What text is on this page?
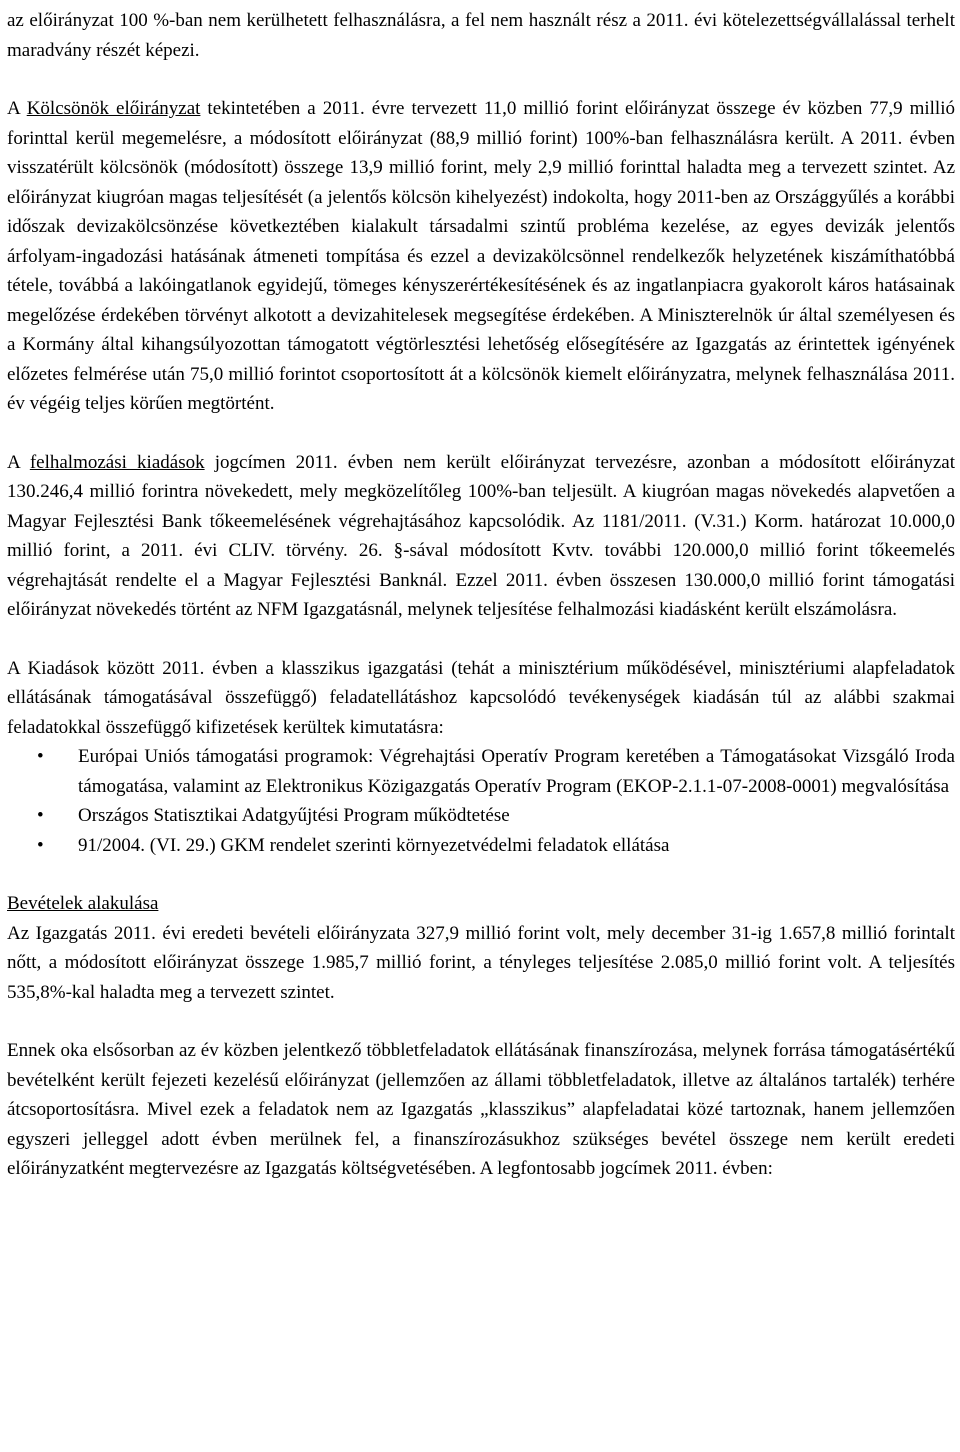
az előirányzat 100 %-ban nem kerülhetett felhasználásra, a fel nem használt rész a 2011. évi kötelezettségvállalással terhelt maradvány részét képezi.

A Kölcsönök előirányzat tekintetében a 2011. évre tervezett 11,0 millió forint előirányzat összege év közben 77,9 millió forinttal kerül megemelésre, a módosított előirányzat (88,9 millió forint) 100%-ban felhasználásra került. A 2011. évben visszatérült kölcsönök (módosított) összege 13,9 millió forint, mely 2,9 millió forinttal haladta meg a tervezett szintet. Az előirányzat kiugróan magas teljesítését (a jelentős kölcsön kihelyezést) indokolta, hogy 2011-ben az Országgyűlés a korábbi időszak devizakölcsönzése következtében kialakult társadalmi szintű probléma kezelése, az egyes devizák jelentős árfolyam-ingadozási hatásának átmeneti tompítása és ezzel a devizakölcsönnel rendelkezők helyzetének kiszámíthatóbbá tétele, továbbá a lakóingatlanok egyidejű, tömeges kényszerértékesítésének és az ingatlanpiacra gyakorolt káros hatásainak megelőzése érdekében törvényt alkotott a devizahitelesek megsegítése érdekében. A Miniszterelnök úr által személyesen és a Kormány által kihangsúlyozottan támogatott végtörlesztési lehetőség elősegítésére az Igazgatás az érintettek igényének előzetes felmérése után 75,0 millió forintot csoportosított át a kölcsönök kiemelt előirányzatra, melynek felhasználása 2011. év végéig teljes körűen megtörtént.

A felhalmozási kiadások jogcímen 2011. évben nem került előirányzat tervezésre, azonban a módosított előirányzat 130.246,4 millió forintra növekedett, mely megközelítőleg 100%-ban teljesült. A kiugróan magas növekedés alapvetően a Magyar Fejlesztési Bank tőkeemelésének végrehajtásához kapcsolódik. Az 1181/2011. (V.31.) Korm. határozat 10.000,0 millió forint, a 2011. évi CLIV. törvény. 26. §-sával módosított Kvtv. további 120.000,0 millió forint tőkeemelés végrehajtását rendelte el a Magyar Fejlesztési Banknál. Ezzel 2011. évben összesen 130.000,0 millió forint támogatási előirányzat növekedés történt az NFM Igazgatásnál, melynek teljesítése felhalmozási kiadásként került elszámolásra.

A Kiadások között 2011. évben a klasszikus igazgatási (tehát a minisztérium működésével, minisztériumi alapfeladatok ellátásának támogatásával összefüggő) feladatellátáshoz kapcsolódó tevékenységek kiadásán túl az alábbi szakmai feladatokkal összefüggő kifizetések kerültek kimutatásra:

• Európai Uniós támogatási programok: Végrehajtási Operatív Program keretében a Támogatásokat Vizsgáló Iroda támogatása, valamint az Elektronikus Közigazgatás Operatív Program (EKOP-2.1.1-07-2008-0001) megvalósítása
• Országos Statisztikai Adatgyűjtési Program működtetése
• 91/2004. (VI. 29.) GKM rendelet szerinti környezetvédelmi feladatok ellátása

Bevételek alakulása

Az Igazgatás 2011. évi eredeti bevételi előirányzata 327,9 millió forint volt, mely december 31-ig 1.657,8 millió forintalt nőtt, a módosított előirányzat összege 1.985,7 millió forint, a tényleges teljesítése 2.085,0 millió forint volt. A teljesítés 535,8%-kal haladta meg a tervezett szintet.

Ennek oka elsősorban az év közben jelentkező többletfeladatok ellátásának finanszírozása, melynek forrása támogatásértékű bevételként került fejezeti kezelésű előirányzat (jellemzően az állami többletfeladatok, illetve az általános tartalék) terhére átcsoportosításra. Mivel ezek a feladatok nem az Igazgatás „klasszikus” alapfeladatai közé tartoznak, hanem jellemzően egyszeri jelleggel adott évben merülnek fel, a finanszírozásukhoz szükséges bevétel összege nem került eredeti előirányzatként megtervezésre az Igazgatás költségvetésében. A legfontosabb jogcímek 2011. évben:
